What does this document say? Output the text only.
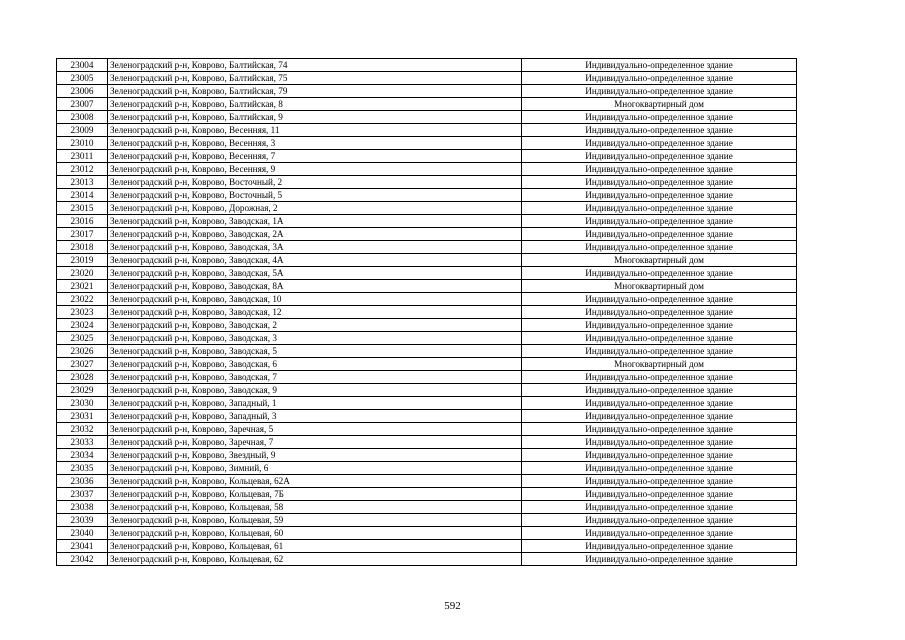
23004	Зеленоградский р-н, Коврово, Балтийская, 74	Индивидуально-определенное здание
23005	Зеленоградский р-н, Коврово, Балтийская, 75	Индивидуально-определенное здание
23006	Зеленоградский р-н, Коврово, Балтийская, 79	Индивидуально-определенное здание
23007	Зеленоградский р-н, Коврово, Балтийская, 8	Многоквартирный дом
23008	Зеленоградский р-н, Коврово, Балтийская, 9	Индивидуально-определенное здание
23009	Зеленоградский р-н, Коврово, Весенняя, 11	Индивидуально-определенное здание
23010	Зеленоградский р-н, Коврово, Весенняя, 3	Индивидуально-определенное здание
23011	Зеленоградский р-н, Коврово, Весенняя, 7	Индивидуально-определенное здание
23012	Зеленоградский р-н, Коврово, Весенняя, 9	Индивидуально-определенное здание
23013	Зеленоградский р-н, Коврово, Восточный, 2	Индивидуально-определенное здание
23014	Зеленоградский р-н, Коврово, Восточный, 5	Индивидуально-определенное здание
23015	Зеленоградский р-н, Коврово, Дорожная, 2	Индивидуально-определенное здание
23016	Зеленоградский р-н, Коврово, Заводская, 1А	Индивидуально-определенное здание
23017	Зеленоградский р-н, Коврово, Заводская, 2А	Индивидуально-определенное здание
23018	Зеленоградский р-н, Коврово, Заводская, 3А	Индивидуально-определенное здание
23019	Зеленоградский р-н, Коврово, Заводская, 4А	Многоквартирный дом
23020	Зеленоградский р-н, Коврово, Заводская, 5А	Индивидуально-определенное здание
23021	Зеленоградский р-н, Коврово, Заводская, 8А	Многоквартирный дом
23022	Зеленоградский р-н, Коврово, Заводская, 10	Индивидуально-определенное здание
23023	Зеленоградский р-н, Коврово, Заводская, 12	Индивидуально-определенное здание
23024	Зеленоградский р-н, Коврово, Заводская, 2	Индивидуально-определенное здание
23025	Зеленоградский р-н, Коврово, Заводская, 3	Индивидуально-определенное здание
23026	Зеленоградский р-н, Коврово, Заводская, 5	Индивидуально-определенное здание
23027	Зеленоградский р-н, Коврово, Заводская, 6	Многоквартирный дом
23028	Зеленоградский р-н, Коврово, Заводская, 7	Индивидуально-определенное здание
23029	Зеленоградский р-н, Коврово, Заводская, 9	Индивидуально-определенное здание
23030	Зеленоградский р-н, Коврово, Западный, 1	Индивидуально-определенное здание
23031	Зеленоградский р-н, Коврово, Западный, 3	Индивидуально-определенное здание
23032	Зеленоградский р-н, Коврово, Заречная, 5	Индивидуально-определенное здание
23033	Зеленоградский р-н, Коврово, Заречная, 7	Индивидуально-определенное здание
23034	Зеленоградский р-н, Коврово, Звездный, 9	Индивидуально-определенное здание
23035	Зеленоградский р-н, Коврово, Зимний, 6	Индивидуально-определенное здание
23036	Зеленоградский р-н, Коврово, Кольцевая, 62А	Индивидуально-определенное здание
23037	Зеленоградский р-н, Коврово, Кольцевая, 7Б	Индивидуально-определенное здание
23038	Зеленоградский р-н, Коврово, Кольцевая, 58	Индивидуально-определенное здание
23039	Зеленоградский р-н, Коврово, Кольцевая, 59	Индивидуально-определенное здание
23040	Зеленоградский р-н, Коврово, Кольцевая, 60	Индивидуально-определенное здание
23041	Зеленоградский р-н, Коврово, Кольцевая, 61	Индивидуально-определенное здание
23042	Зеленоградский р-н, Коврово, Кольцевая, 62	Индивидуально-определенное здание
592
